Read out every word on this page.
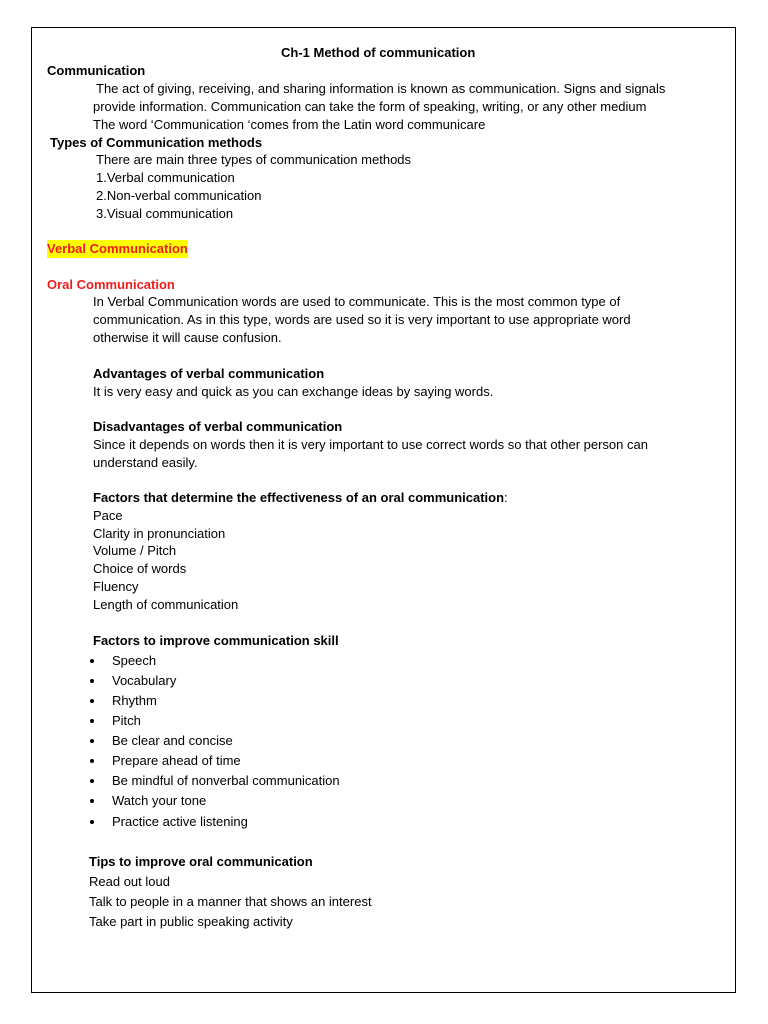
Ch-1 Method of communication
Communication
The act of giving, receiving, and sharing information is known as communication. Signs and signals
provide information. Communication can take the form of speaking, writing, or any other medium
The word ‘Communication ‘comes from the Latin word communicare
Types of Communication methods
There are main three types of communication methods
1.Verbal communication
2.Non-verbal communication
3.Visual communication
Verbal Communication
Oral Communication
In Verbal Communication words are used to communicate. This is the most common type of
communication. As in this type, words are used so it is very important to use appropriate word
otherwise it will cause confusion.
Advantages of verbal communication
It is very easy and quick as you can exchange ideas by saying words.
Disadvantages of verbal communication
Since it depends on words then it is very important to use correct words so that other person can
understand easily.
Factors that determine the effectiveness of an oral communication:
Pace
Clarity in pronunciation
Volume / Pitch
Choice of words
Fluency
Length of communication
Factors to improve communication skill
Speech
Vocabulary
Rhythm
Pitch
Be clear and concise
Prepare ahead of time
Be mindful of nonverbal communication
Watch your tone
Practice active listening
Tips to improve oral communication
Read out loud
Talk to people in a manner that shows an interest
Take part in public speaking activity
